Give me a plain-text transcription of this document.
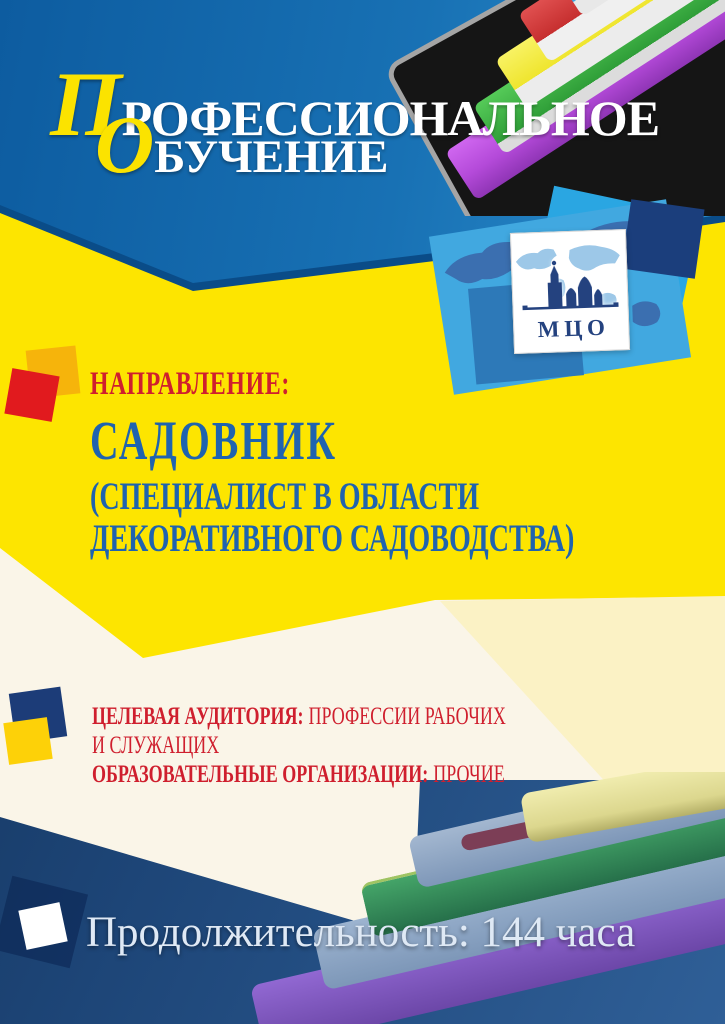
ПРОФЕССИОНАЛЬНОЕ
ОБУЧЕНИЕ
МЦО
НАПРАВЛЕНИЕ:
САДОВНИК
(СПЕЦИАЛИСТ В ОБЛАСТИ
ДЕКОРАТИВНОГО САДОВОДСТВА)
ЦЕЛЕВАЯ АУДИТОРИЯ: ПРОФЕССИИ РАБОЧИХ
И СЛУЖАЩИХ
ОБРАЗОВАТЕЛЬНЫЕ ОРГАНИЗАЦИИ: ПРОЧИЕ
Продолжительность: 144 часа
